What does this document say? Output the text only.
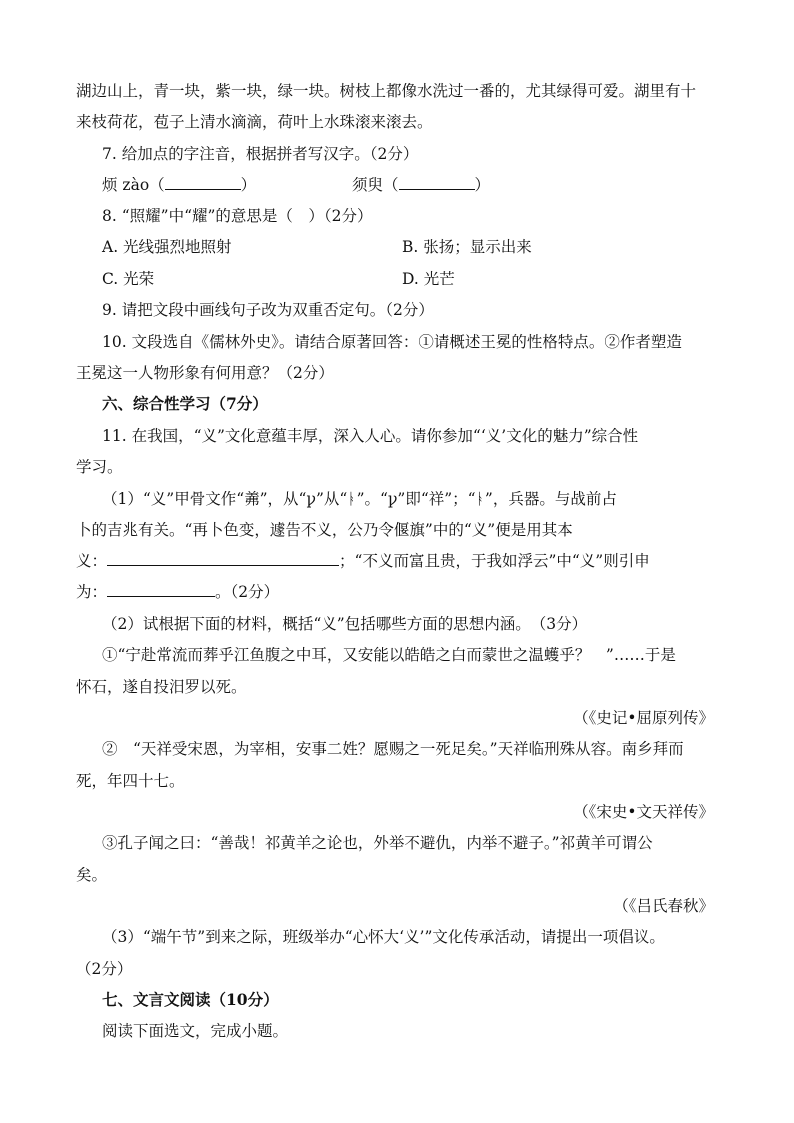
湖边山上，青一块，紫一块，绿一块。树枝上都像水洗过一番的，尤其绿得可爱。湖里有十
来枝荷花，苞子上清水滴滴，荷叶上水珠滚来滚去。
7. 给加点的字注音，根据拼者写汉字。（2分）
烦 zào（	）	须臾（	）
8. “照耀”中“耀”的意思是（　）（2分）
A. 光线强烈地照射	B. 张扬；显示出来
C. 光荣	D. 光芒
9. 请把文段中画线句子改为双重否定句。（2分）
10. 文段选自《儒林外史》。请结合原著回答：①请概述王冕的性格特点。②作者塑造
王冕这一人物形象有何用意？（2分）
六、综合性学习（7分）
11. 在我国，“义”文化意蕴丰厚，深入人心。请你参加“‘义’文化的魅力”综合性
学习。
（1）“义”甲骨文作“羛”，从“ꝩ”从“ᚭ”。“ꝩ”即“祥”；“ᚭ”，兵器。与战前占
卜的吉兆有关。“再卜色变，遽告不义，公乃令偃旗”中的“义”便是用其本
义：	；“不义而富且贵，于我如浮云”中“义”则引申
为：	。（2分）
（2）试根据下面的材料，概括“义”包括哪些方面的思想内涵。　（3分）
①“宁赴常流而葬乎江鱼腹之中耳，又安能以皓皓之白而蒙世之温蠖乎？　”……于是
怀石，遂自投汨罗以死。
（《史记•屈原列传》
②　“天祥受宋恩，为宰相，安事二姓？愿赐之一死足矣。”天祥临刑殊从容。南乡拜而
死，年四十七。
（《宋史•文天祥传》
③孔子闻之曰：“善哉！祁黄羊之论也，外举不避仇，内举不避子。”祁黄羊可谓公
矣。
（《吕氏春秋》
（3）“端午节”到来之际，班级举办“心怀大‘义’”文化传承活动，请提出一项倡议。
（2分）
七、文言文阅读（10分）
阅读下面选文，完成小题。
